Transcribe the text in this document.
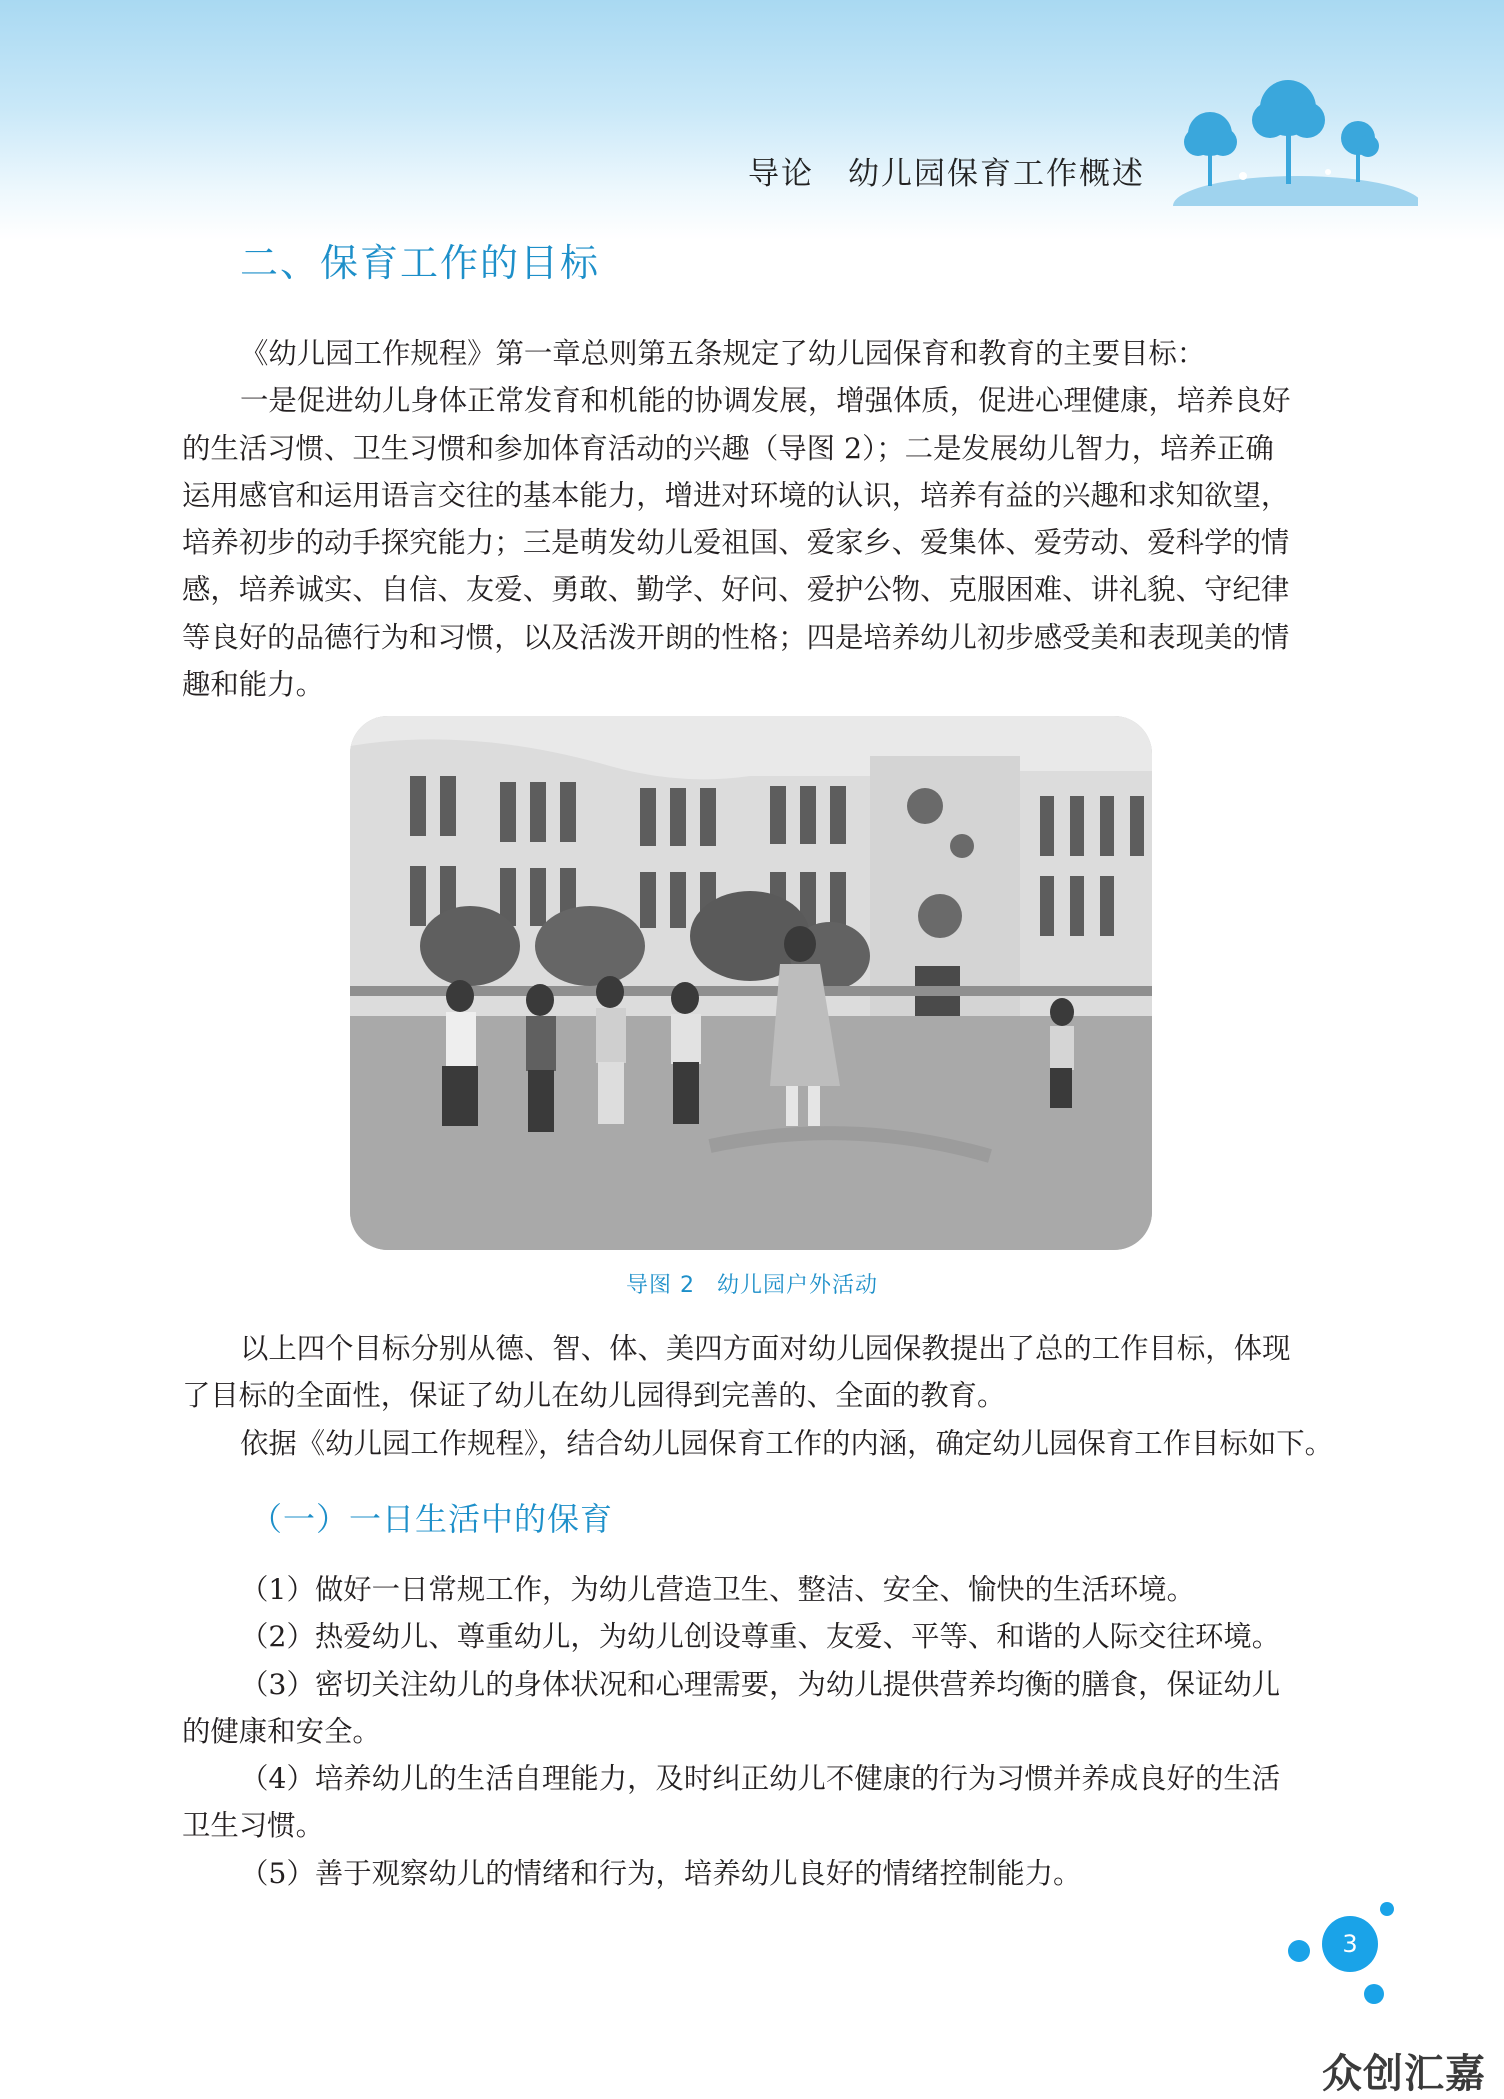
导论 幼儿园保育工作概述
二、保育工作的目标
《幼儿园工作规程》第一章总则第五条规定了幼儿园保育和教育的主要目标：
一是促进幼儿身体正常发育和机能的协调发展，增强体质，促进心理健康，培养良好
的生活习惯、卫生习惯和参加体育活动的兴趣（导图 2）；二是发展幼儿智力，培养正确
运用感官和运用语言交往的基本能力，增进对环境的认识，培养有益的兴趣和求知欲望，
培养初步的动手探究能力；三是萌发幼儿爱祖国、爱家乡、爱集体、爱劳动、爱科学的情
感，培养诚实、自信、友爱、勇敢、勤学、好问、爱护公物、克服困难、讲礼貌、守纪律
等良好的品德行为和习惯，以及活泼开朗的性格；四是培养幼儿初步感受美和表现美的情
趣和能力。
导图 2 幼儿园户外活动
以上四个目标分别从德、智、体、美四方面对幼儿园保教提出了总的工作目标，体现
了目标的全面性，保证了幼儿在幼儿园得到完善的、全面的教育。
依据《幼儿园工作规程》，结合幼儿园保育工作的内涵，确定幼儿园保育工作目标如下。
（一）一日生活中的保育
（1）做好一日常规工作，为幼儿营造卫生、整洁、安全、愉快的生活环境。
（2）热爱幼儿、尊重幼儿，为幼儿创设尊重、友爱、平等、和谐的人际交往环境。
（3）密切关注幼儿的身体状况和心理需要，为幼儿提供营养均衡的膳食，保证幼儿
的健康和安全。
（4）培养幼儿的生活自理能力，及时纠正幼儿不健康的行为习惯并养成良好的生活
卫生习惯。
（5）善于观察幼儿的情绪和行为，培养幼儿良好的情绪控制能力。
3
众创汇嘉
